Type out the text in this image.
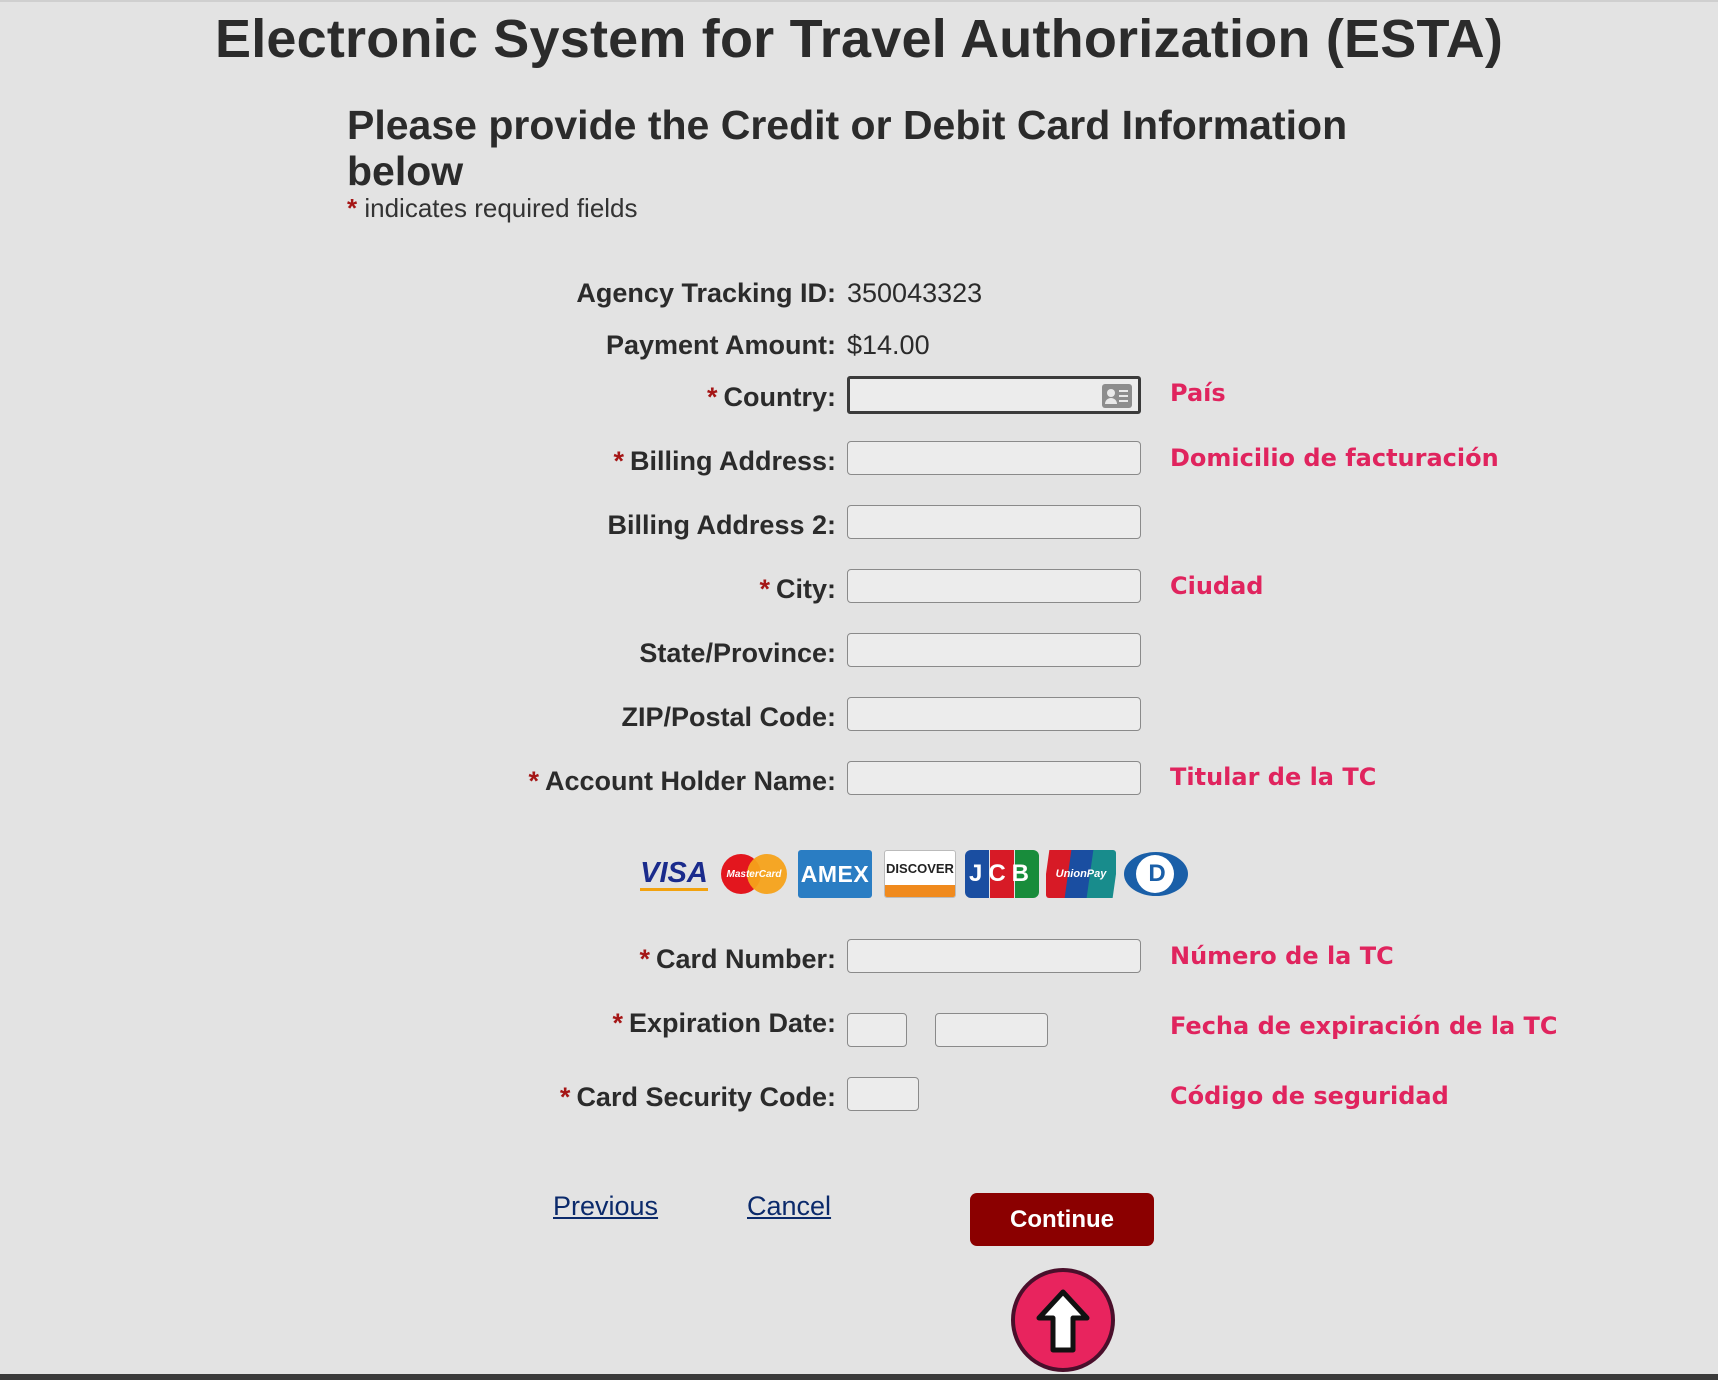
Electronic System for Travel Authorization (ESTA)
Please provide the Credit or Debit Card Information below
* indicates required fields
Agency Tracking ID: 350043323
Payment Amount: $14.00
* Country:	País
* Billing Address:	Domicilio de facturación
Billing Address 2:
* City:	Ciudad
State/Province:
ZIP/Postal Code:
* Account Holder Name:	Titular de la TC
VISA MasterCard AMEX DISCOVER JCB UnionPay D
* Card Number:	Número de la TC
* Expiration Date:	Fecha de expiración de la TC
* Card Security Code:	Código de seguridad
Previous	Cancel	Continue
